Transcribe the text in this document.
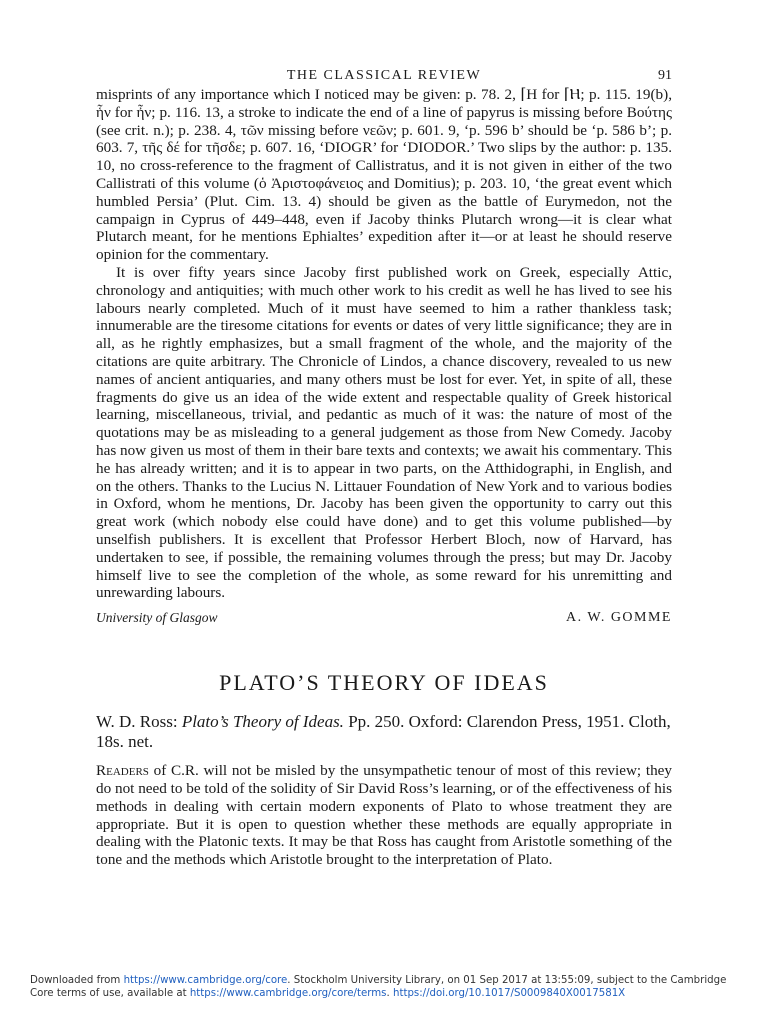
THE CLASSICAL REVIEW	91

misprints of any importance which I noticed may be given: p. 78. 2, ⌈H for ⌈Ⲏ; p. 115. 19(b), ἧν for ἦν; p. 116. 13, a stroke to indicate the end of a line of papyrus is missing before Βούτης (see crit. n.); p. 238. 4, τῶν missing before νεῶν; p. 601. 9, ‘p. 596 b’ should be ‘p. 586 b’; p. 603. 7, τῆς δέ for τῆσδε; p. 607. 16, ‘DIOGR’ for ‘DIODOR.’ Two slips by the author: p. 135. 10, no cross-reference to the fragment of Callistratus, and it is not given in either of the two Callistrati of this volume (ὁ Ἀριστοφάνειος and Domitius); p. 203. 10, ‘the great event which humbled Persia’ (Plut. Cim. 13. 4) should be given as the battle of Eurymedon, not the campaign in Cyprus of 449–448, even if Jacoby thinks Plutarch wrong—it is clear what Plutarch meant, for he mentions Ephialtes’ expedition after it—or at least he should reserve opinion for the commentary.

It is over fifty years since Jacoby first published work on Greek, especially Attic, chronology and antiquities; with much other work to his credit as well he has lived to see his labours nearly completed. Much of it must have seemed to him a rather thankless task; innumerable are the tiresome citations for events or dates of very little significance; they are in all, as he rightly emphasizes, but a small fragment of the whole, and the majority of the citations are quite arbitrary. The Chronicle of Lindos, a chance discovery, revealed to us new names of ancient antiquaries, and many others must be lost for ever. Yet, in spite of all, these fragments do give us an idea of the wide extent and respectable quality of Greek historical learning, miscellaneous, trivial, and pedantic as much of it was: the nature of most of the quotations may be as misleading to a general judgement as those from New Comedy. Jacoby has now given us most of them in their bare texts and contexts; we await his commentary. This he has already written; and it is to appear in two parts, on the Atthidographi, in English, and on the others. Thanks to the Lucius N. Littauer Foundation of New York and to various bodies in Oxford, whom he mentions, Dr. Jacoby has been given the opportunity to carry out this great work (which nobody else could have done) and to get this volume published—by unselfish publishers. It is excellent that Professor Herbert Bloch, now of Harvard, has undertaken to see, if possible, the remaining volumes through the press; but may Dr. Jacoby himself live to see the completion of the whole, as some reward for his unremitting and unrewarding labours.

University of Glasgow	A. W. GOMME
PLATO’S THEORY OF IDEAS
W. D. Ross: Plato’s Theory of Ideas. Pp. 250. Oxford: Clarendon Press, 1951. Cloth, 18s. net.

Readers of C.R. will not be misled by the unsympathetic tenour of most of this review; they do not need to be told of the solidity of Sir David Ross’s learning, or of the effectiveness of his methods in dealing with certain modern exponents of Plato to whose treatment they are appropriate. But it is open to question whether these methods are equally appropriate in dealing with the Platonic texts. It may be that Ross has caught from Aristotle something of the tone and the methods which Aristotle brought to the interpretation of Plato.

Downloaded from https://www.cambridge.org/core. Stockholm University Library, on 01 Sep 2017 at 13:55:09, subject to the Cambridge
Core terms of use, available at https://www.cambridge.org/core/terms. https://doi.org/10.1017/S0009840X0017581X
